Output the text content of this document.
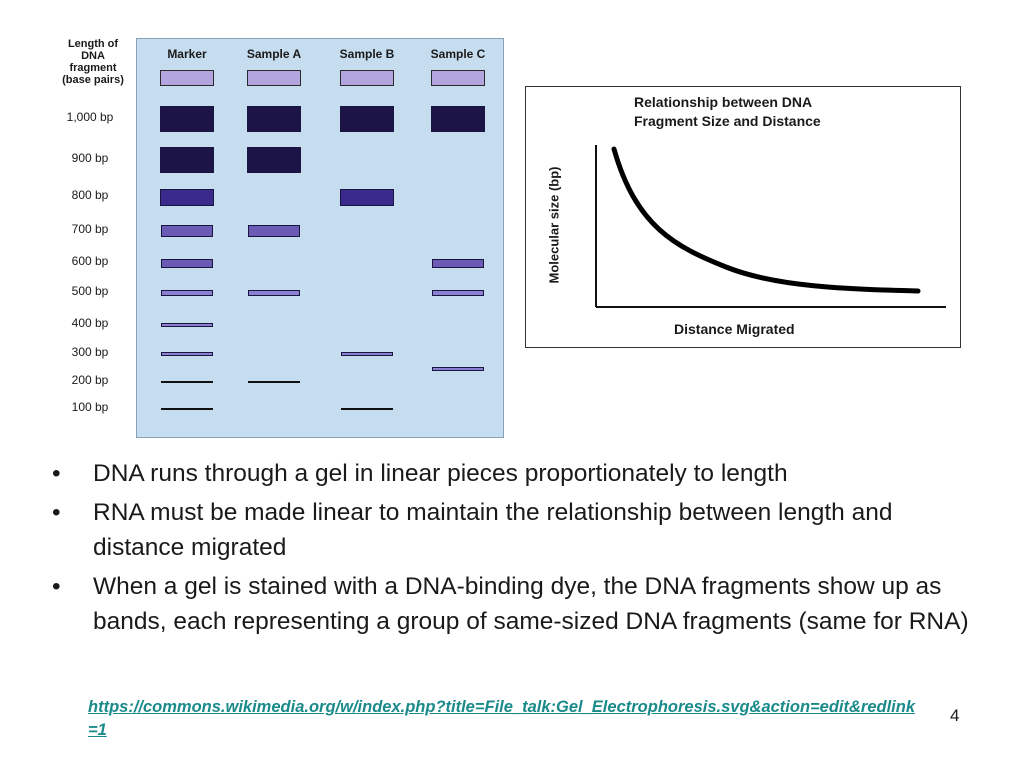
Length of
DNA
fragment
(base pairs)
1,000 bp
900 bp
800 bp
700 bp
600 bp
500 bp
400 bp
300 bp
200 bp
100 bp
Marker	Sample A	Sample B	Sample C
Relationship between DNA
Fragment Size and Distance
Molecular size (bp)
Distance Migrated
• DNA runs through a gel in linear pieces proportionately to length
• RNA must be made linear to maintain the relationship between length and distance migrated
• When a gel is stained with a DNA-binding dye, the DNA fragments show up as bands, each representing a group of same-sized DNA fragments (same for RNA)
https://commons.wikimedia.org/w/index.php?title=File_talk:Gel_Electrophoresis.svg&action=edit&redlink=1
4
